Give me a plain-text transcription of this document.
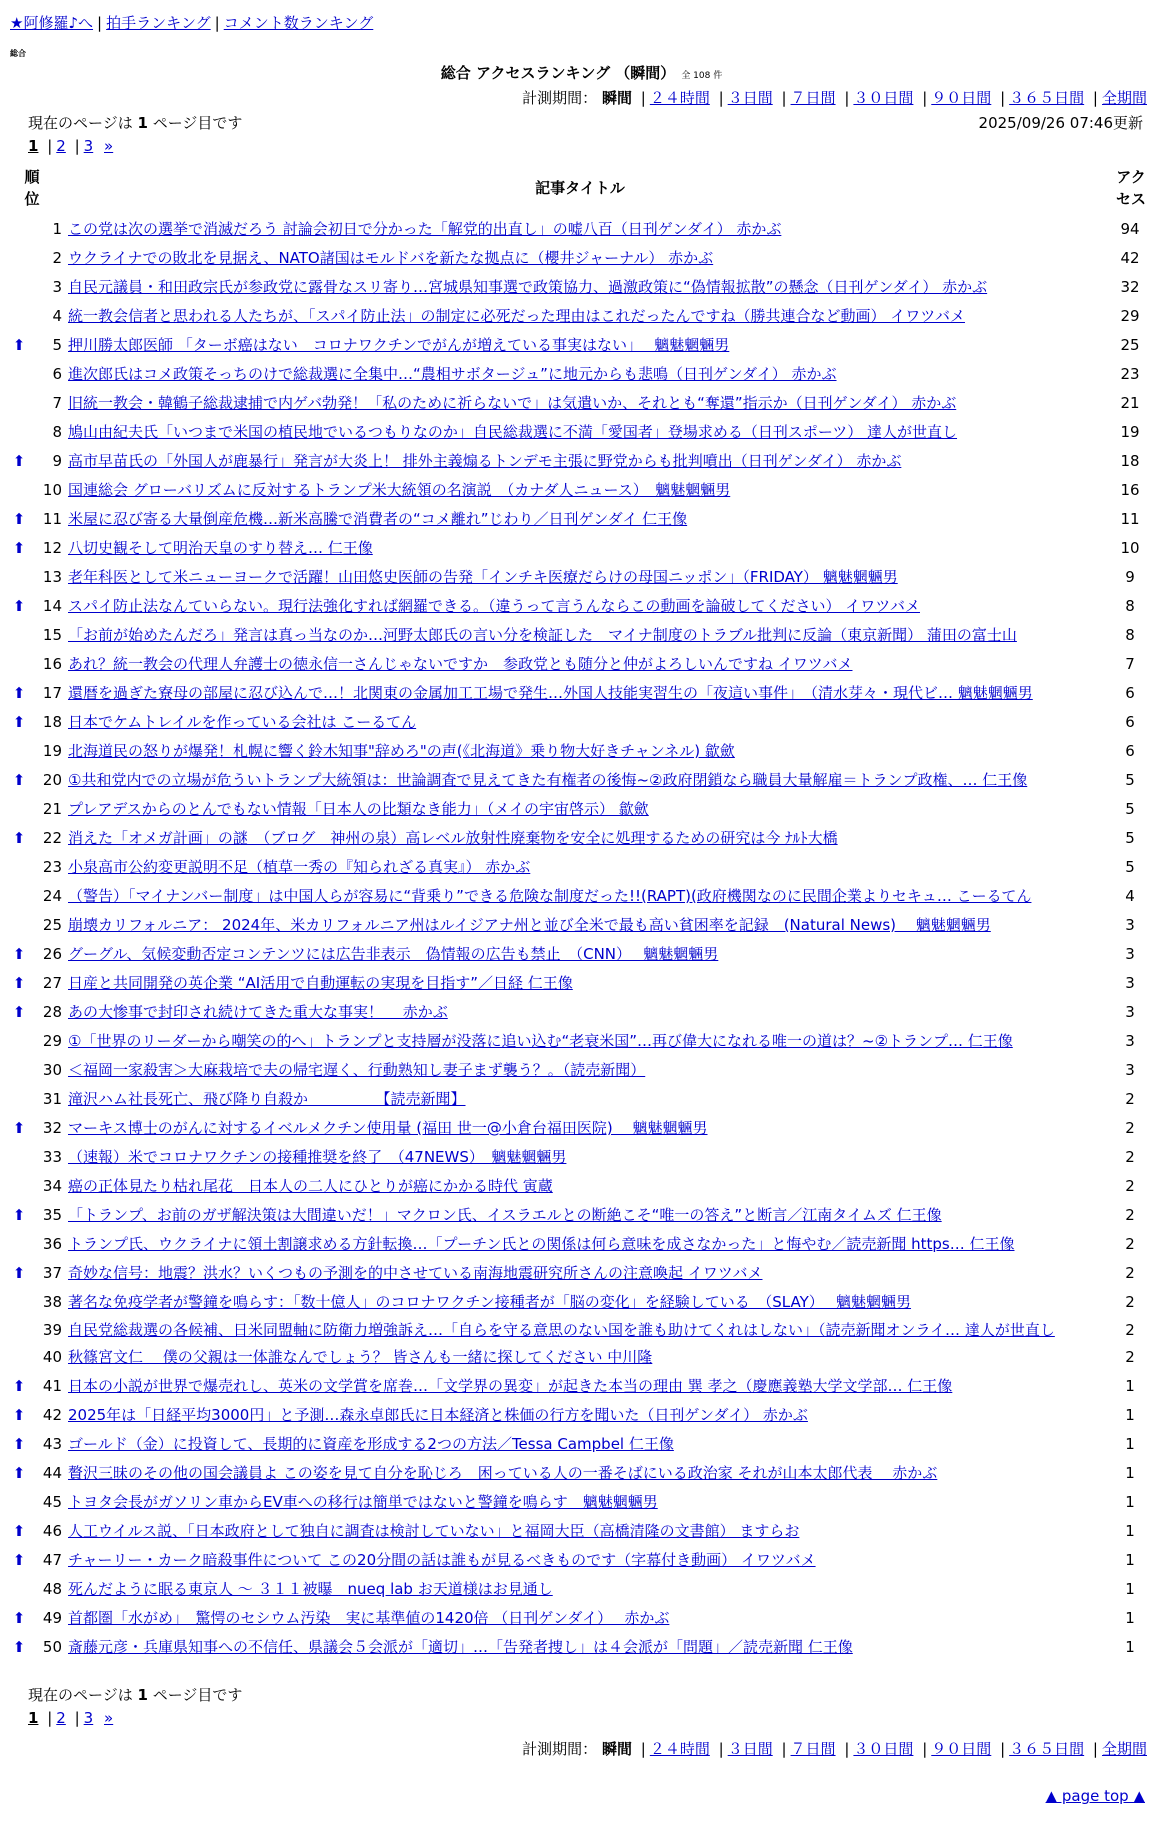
★阿修羅♪へ | 拍手ランキング | コメント数ランキング
総合
総合 アクセスランキング （瞬間） 全 108 件
計測期間： 瞬間 | ２４時間 | ３日間 | ７日間 | ３０日間 | ９０日間 | ３６５日間 | 全期間
現在のページは 1 ページ目です	2025/09/26 07:46更新
1 | 2 | 3 »
順位
記事タイトル
アクセス
	1	この党は次の選挙で消滅だろう 討論会初日で分かった「解党的出直し」の嘘八百（日刊ゲンダイ） 赤かぶ	94
	2	ウクライナでの敗北を見据え、NATO諸国はモルドバを新たな拠点に（櫻井ジャーナル） 赤かぶ	42
	3	自民元議員・和田政宗氏が参政党に露骨なスリ寄り…宮城県知事選で政策協力、過激政策に“偽情報拡散”の懸念（日刊ゲンダイ） 赤かぶ	32
	4	統一教会信者と思われる人たちが、「スパイ防止法」の制定に必死だった理由はこれだったんですね（勝共連合など動画） イワツバメ	29
⬆	5	押川勝太郎医師 「ターボ癌はない　コロナワクチンでがんが増えている事実はない」　 魑魅魍魎男	25
	6	進次郎氏はコメ政策そっちのけで総裁選に全集中…“農相サボタージュ”に地元からも悲鳴（日刊ゲンダイ） 赤かぶ	23
	7	旧統一教会・韓鶴子総裁逮捕で内ゲバ勃発！「私のために祈らないで」は気遣いか、それとも“奪還”指示か（日刊ゲンダイ） 赤かぶ	21
	8	鳩山由紀夫氏「いつまで米国の植民地でいるつもりなのか」自民総裁選に不満「愛国者」登場求める（日刊スポーツ） 達人が世直し	19
⬆	9	高市早苗氏の「外国人が鹿暴行」発言が大炎上！ 排外主義煽るトンデモ主張に野党からも批判噴出（日刊ゲンダイ） 赤かぶ	18
	10	国連総会 グローバリズムに反対するトランプ米大統領の名演説　（カナダ人ニュース）　魑魅魍魎男	16
⬆	11	米屋に忍び寄る大量倒産危機…新米高騰で消費者の“コメ離れ”じわり／日刊ゲンダイ 仁王像	11
⬆	12	八切史観そして明治天皇のすり替え… 仁王像	10
	13	老年科医として米ニューヨークで活躍！山田悠史医師の告発「インチキ医療だらけの母国ニッポン」（FRIDAY） 魑魅魍魎男	9
⬆	14	スパイ防止法なんていらない。現行法強化すれば網羅できる。（違うって言うんならこの動画を論破してください） イワツバメ	8
	15	「お前が始めたんだろ」発言は真っ当なのか…河野太郎氏の言い分を検証した　マイナ制度のトラブル批判に反論（東京新聞） 蒲田の富士山	8
	16	あれ？統一教会の代理人弁護士の徳永信一さんじゃないですか　参政党とも随分と仲がよろしいんですね イワツバメ	7
⬆	17	還暦を過ぎた寮母の部屋に忍び込んで…！北関東の金属加工工場で発生…外国人技能実習生の「夜這い事件」　（清水芽々・現代ビ… 魑魅魍魎男	6
⬆	18	日本でケムトレイルを作っている会社は こーるてん	6
	19	北海道民の怒りが爆発！札幌に響く鈴木知事"辞めろ"の声(《北海道》乗り物大好きチャンネル) 歙歛	6
⬆	20	①共和党内での立場が危ういトランプ大統領は：世論調査で見えてきた有権者の後悔~②政府閉鎖なら職員大量解雇＝トランプ政権、… 仁王像	5
	21	プレアデスからのとんでもない情報「日本人の比類なき能力」（メイの宇宙啓示） 歙歛	5
⬆	22	消えた「オメガ計画」の謎　（ブログ　神州の泉）高レベル放射性廃棄物を安全に処理するための研究は今 ﾅﾙﾄ大橋	5
	23	小泉高市公約変更説明不足（植草一秀の『知られざる真実』） 赤かぶ	5
	24	（警告）「マイナンバー制度」は中国人らが容易に“背乗り”できる危険な制度だった!!(RAPT)(政府機関なのに民間企業よりセキュ… こーるてん	4
	25	崩壊カリフォルニア： 2024年、米カリフォルニア州はルイジアナ州と並び全米で最も高い貧困率を記録　(Natural News)　 魑魅魍魎男	3
⬆	26	グーグル、気候変動否定コンテンツには広告非表示　偽情報の広告も禁止　（CNN）　 魑魅魍魎男	3
⬆	27	日産と共同開発の英企業 “AI活用で自動運転の実現を目指す”／日経 仁王像	3
⬆	28	あの大惨事で封印され続けてきた重大な事実！　 赤かぶ	3
	29	①「世界のリーダーから嘲笑の的へ」トランプと支持層が没落に追い込む“老衰米国”…再び偉大になれる唯一の道は？~②トランプ… 仁王像	3
	30	＜福岡一家殺害＞大麻栽培で夫の帰宅遅く、行動熟知し妻子まず襲う？。（読売新聞）	3
	31	滝沢ハム社長死亡、飛び降り自殺か　　　　　【読売新聞】	2
⬆	32	マーキス博士のがんに対するイベルメクチン使用量 (福田 世一@小倉台福田医院)　 魑魅魍魎男	2
	33	（速報）米でコロナワクチンの接種推奨を終了　（47NEWS）　魑魅魍魎男	2
	34	癌の正体見たり枯れ尾花　日本人の二人にひとりが癌にかかる時代 寅蔵	2
⬆	35	「トランプ、お前のガザ解決策は大間違いだ！」マクロン氏、イスラエルとの断絶こそ“唯一の答え”と断言／江南タイムズ 仁王像	2
	36	トランプ氏、ウクライナに領土割譲求める方針転換…「プーチン氏との関係は何ら意味を成さなかった」と悔やむ／読売新聞 https… 仁王像	2
⬆	37	奇妙な信号：地震？洪水？いくつもの予測を的中させている南海地震研究所さんの注意喚起 イワツバメ	2
	38	著名な免疫学者が警鐘を鳴らす：「数十億人」のコロナワクチン接種者が「脳の変化」を経験している　（SLAY）　 魑魅魍魎男	2
	39	自民党総裁選の各候補、日米同盟軸に防衛力増強訴え…「自らを守る意思のない国を誰も助けてくれはしない」（読売新聞オンライ… 達人が世直し	2
	40	秋篠宮文仁　 僕の父親は一体誰なんでしょう？ 皆さんも一緒に探してください 中川隆	2
⬆	41	日本の小説が世界で爆売れし、英米の文学賞を席巻…「文学界の異変」が起きた本当の理由 巽 孝之（慶應義塾大学文学部… 仁王像	1
⬆	42	2025年は「日経平均3000円」と予測…森永卓郎氏に日本経済と株価の行方を聞いた（日刊ゲンダイ） 赤かぶ	1
⬆	43	ゴールド（金）に投資して、長期的に資産を形成する2つの方法／Tessa Campbel 仁王像	1
⬆	44	贅沢三昧のその他の国会議員よ この姿を見て自分を恥じろ　困っている人の一番そばにいる政治家 それが山本太郎代表　 赤かぶ	1
	45	トヨタ会長がガソリン車からEV車への移行は簡単ではないと警鐘を鳴らす　魑魅魍魎男	1
⬆	46	人工ウイルス説、「日本政府として独自に調査は検討していない」と福岡大臣（高橋清隆の文書館） ますらお	1
⬆	47	チャーリー・カーク暗殺事件について この20分間の話は誰もが見るべきものです（字幕付き動画） イワツバメ	1
	48	死んだように眠る東京人 ～ ３１１被曝　nueq lab お天道様はお見通し	1
⬆	49	首都圏「水がめ」　驚愕のセシウム汚染　実に基準値の1420倍 （日刊ゲンダイ）　 赤かぶ	1
⬆	50	斎藤元彦・兵庫県知事への不信任、県議会５会派が「適切」…「告発者捜し」は４会派が「問題」／読売新聞 仁王像	1
現在のページは 1 ページ目です
1 | 2 | 3 »
計測期間： 瞬間 | ２４時間 | ３日間 | ７日間 | ３０日間 | ９０日間 | ３６５日間 | 全期間
▲ page top ▲
